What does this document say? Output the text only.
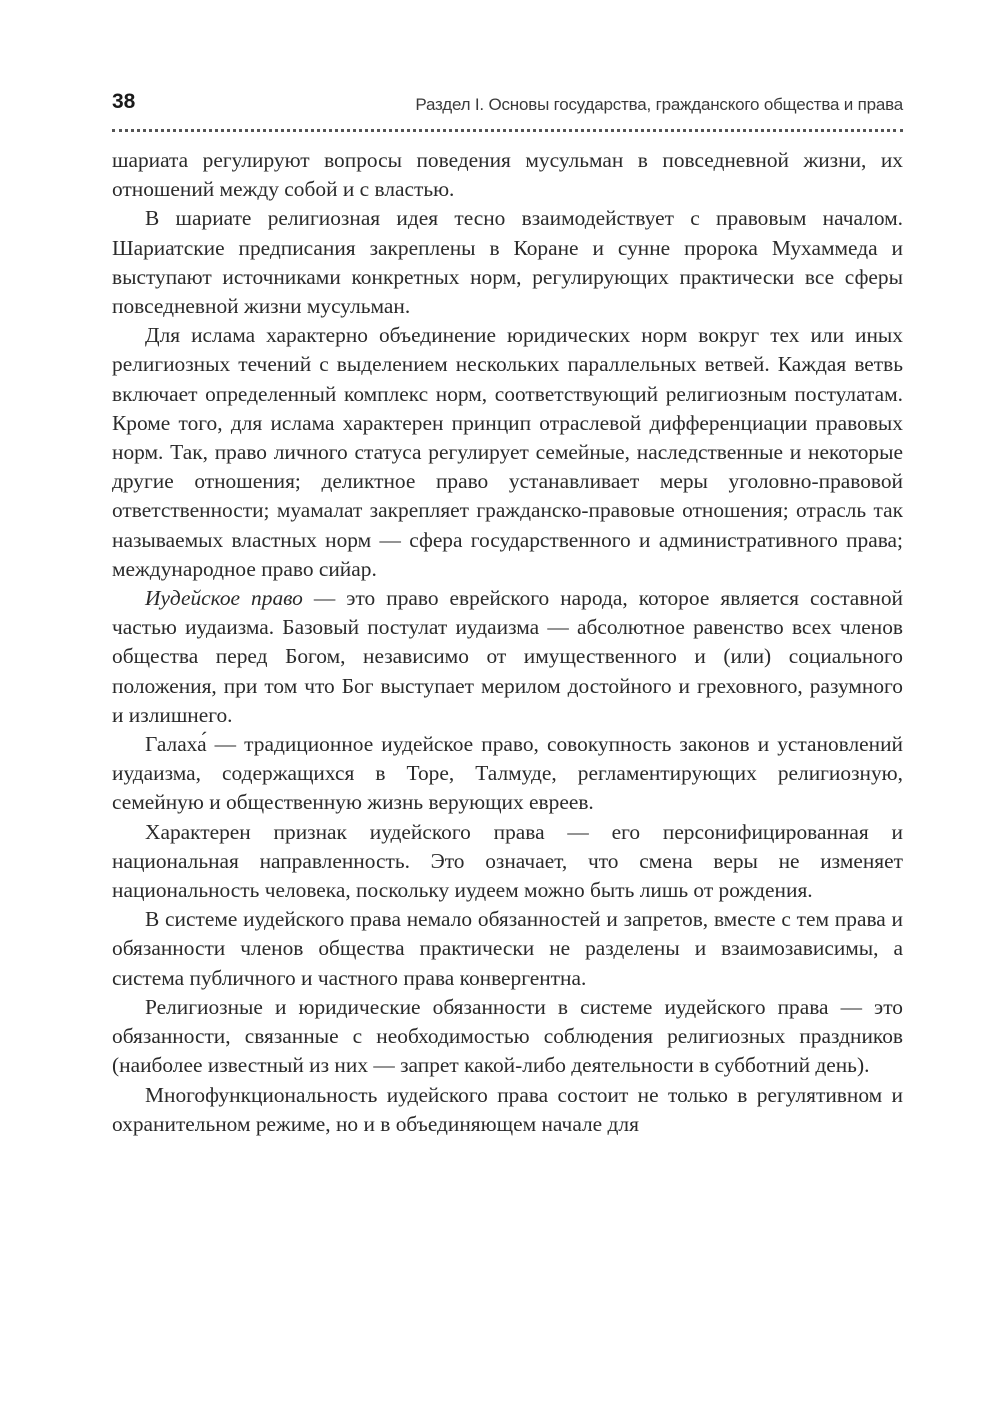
38	Раздел I. Основы государства, гражданского общества и права

шариата регулируют вопросы поведения мусульман в повседневной жизни, их отношений между собой и с властью.

В шариате религиозная идея тесно взаимодействует с правовым началом. Шариатские предписания закреплены в Коране и сунне пророка Мухаммеда и выступают источниками конкретных норм, регулирующих практически все сферы повседневной жизни мусульман.

Для ислама характерно объединение юридических норм вокруг тех или иных религиозных течений с выделением нескольких параллельных ветвей. Каждая ветвь включает определенный комплекс норм, соответствующий религиозным постулатам. Кроме того, для ислама характерен принцип отраслевой дифференциации правовых норм. Так, право личного статуса регулирует семейные, наследственные и некоторые другие отношения; деликтное право устанавливает меры уголовно-правовой ответственности; муамалат закрепляет гражданско-правовые отношения; отрасль так называемых властных норм — сфера государственного и административного права; международное право сийар.

Иудейское право — это право еврейского народа, которое является составной частью иудаизма. Базовый постулат иудаизма — абсолютное равенство всех членов общества перед Богом, независимо от имущественного и (или) социального положения, при том что Бог выступает мерилом достойного и греховного, разумного и излишнего.

Галаха́ — традиционное иудейское право, совокупность законов и установлений иудаизма, содержащихся в Торе, Талмуде, регламентирующих религиозную, семейную и общественную жизнь верующих евреев.

Характерен признак иудейского права — его персонифицированная и национальная направленность. Это означает, что смена веры не изменяет национальность человека, поскольку иудеем можно быть лишь от рождения.

В системе иудейского права немало обязанностей и запретов, вместе с тем права и обязанности членов общества практически не разделены и взаимозависимы, а система публичного и частного права конвергентна.

Религиозные и юридические обязанности в системе иудейского права — это обязанности, связанные с необходимостью соблюдения религиозных праздников (наиболее известный из них — запрет какой-либо деятельности в субботний день).

Многофункциональность иудейского права состоит не только в регулятивном и охранительном режиме, но и в объединяющем начале для
